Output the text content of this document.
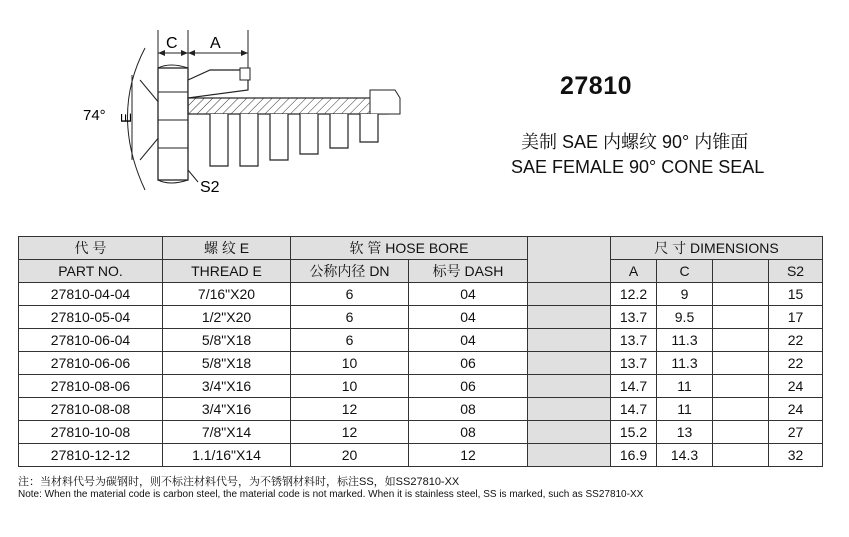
C A
74° E
S2
27810
美制 SAE 内螺纹 90° 内锥面
SAE FEMALE 90° CONE SEAL
代 号	螺 纹 E	软 管 HOSE BORE			尺 寸 DIMENSIONS			
PART NO.	THREAD E	公称内径 DN	标号 DASH		A	C		S2
27810-04-04	7/16"X20	6	04		12.2	9		15
27810-05-04	1/2"X20	6	04		13.7	9.5		17
27810-06-04	5/8"X18	6	04		13.7	11.3		22
27810-06-06	5/8"X18	10	06		13.7	11.3		22
27810-08-06	3/4"X16	10	06		14.7	11		24
27810-08-08	3/4"X16	12	08		14.7	11		24
27810-10-08	7/8"X14	12	08		15.2	13		27
27810-12-12	1.1/16"X14	20	12		16.9	14.3		32
注：当材料代号为碳钢时，则不标注材料代号，为不锈钢材料时，标注SS，如SS27810-XX
Note: When the material code is carbon steel, the material code is not marked. When it is stainless steel, SS is marked, such as SS27810-XX
